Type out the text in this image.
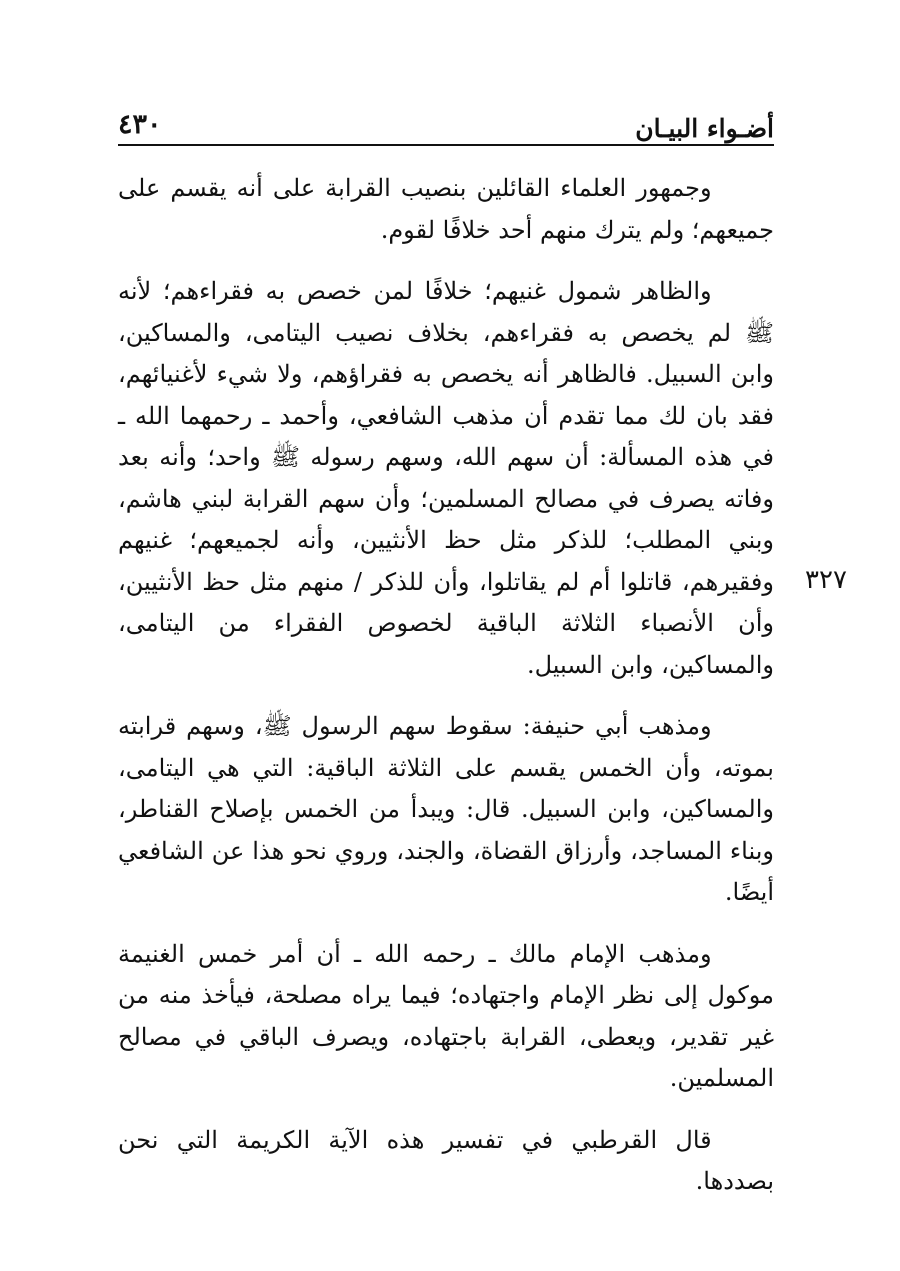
أضـواء البيـان
٤٣٠
٣٢٧

وجمهور العلماء القائلين بنصيب القرابة على أنه يقسم على جميعهم؛ ولم يترك منهم أحد خلافًا لقوم.

والظاهر شمول غنيهم؛ خلافًا لمن خصص به فقراءهم؛ لأنه ﷺ لم يخصص به فقراءهم، بخلاف نصيب اليتامى، والمساكين، وابن السبيل. فالظاهر أنه يخصص به فقراؤهم، ولا شيء لأغنيائهم، فقد بان لك مما تقدم أن مذهب الشافعي، وأحمد ـ رحمهما الله ـ في هذه المسألة: أن سهم الله، وسهم رسوله ﷺ واحد؛ وأنه بعد وفاته يصرف في مصالح المسلمين؛ وأن سهم القرابة لبني هاشم، وبني المطلب؛ للذكر مثل حظ الأنثيين، وأنه لجميعهم؛ غنيهم وفقيرهم، قاتلوا أم لم يقاتلوا، وأن للذكر / منهم مثل حظ الأنثيين، وأن الأنصباء الثلاثة الباقية لخصوص الفقراء من اليتامى، والمساكين، وابن السبيل.

ومذهب أبي حنيفة: سقوط سهم الرسول ﷺ، وسهم قرابته بموته، وأن الخمس يقسم على الثلاثة الباقية: التي هي اليتامى، والمساكين، وابن السبيل. قال: ويبدأ من الخمس بإصلاح القناطر، وبناء المساجد، وأرزاق القضاة، والجند، وروي نحو هذا عن الشافعي أيضًا.

ومذهب الإمام مالك ـ رحمه الله ـ أن أمر خمس الغنيمة موكول إلى نظر الإمام واجتهاده؛ فيما يراه مصلحة، فيأخذ منه من غير تقدير، ويعطى، القرابة باجتهاده، ويصرف الباقي في مصالح المسلمين.

قال القرطبي في تفسير هذه الآية الكريمة التي نحن بصددها.
